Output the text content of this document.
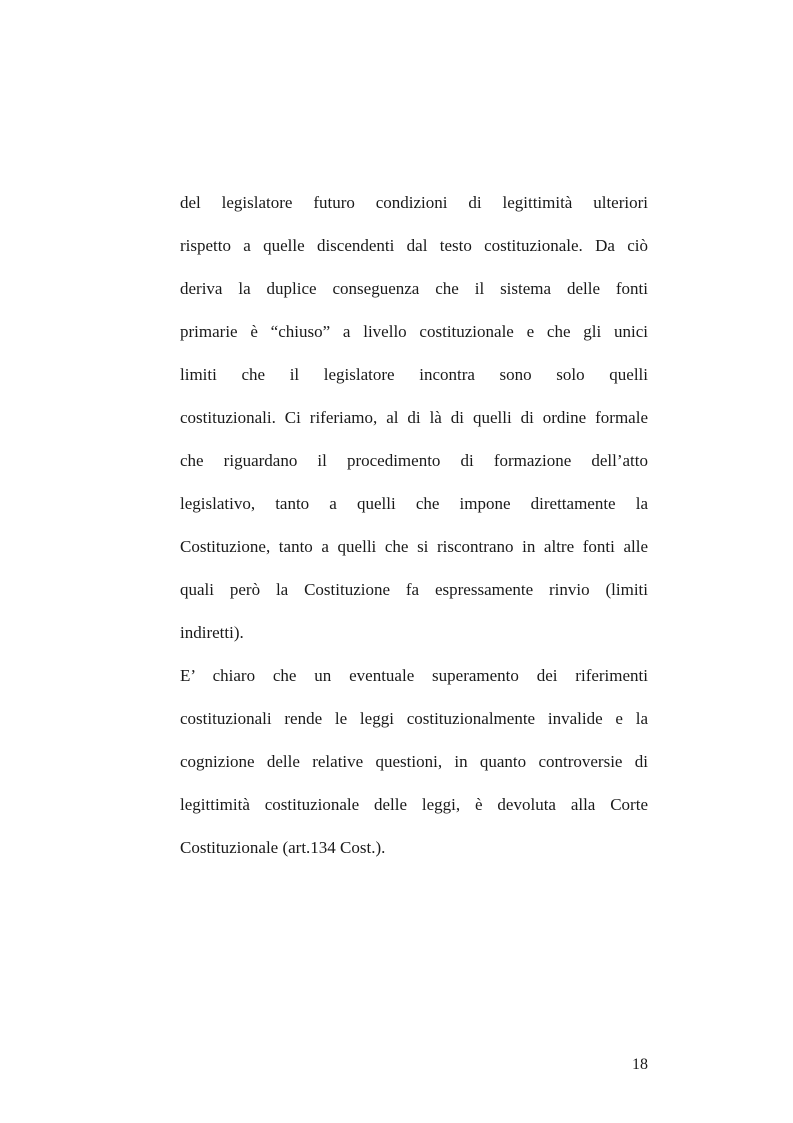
del legislatore futuro condizioni di legittimità ulteriori
rispetto a quelle discendenti dal testo costituzionale. Da ciò
deriva la duplice conseguenza che il sistema delle fonti
primarie è “chiuso” a livello costituzionale e che gli unici
limiti che il legislatore incontra sono solo quelli
costituzionali. Ci riferiamo, al di là di quelli di ordine formale
che riguardano il procedimento di formazione dell’atto
legislativo, tanto a quelli che impone direttamente la
Costituzione, tanto a quelli che si riscontrano in altre fonti alle
quali però la Costituzione fa espressamente rinvio (limiti
indiretti).
E’ chiaro che un eventuale superamento dei riferimenti
costituzionali rende le leggi costituzionalmente invalide e la
cognizione delle relative questioni, in quanto controversie di
legittimità costituzionale delle leggi, è devoluta alla Corte
Costituzionale (art.134 Cost.).
18
